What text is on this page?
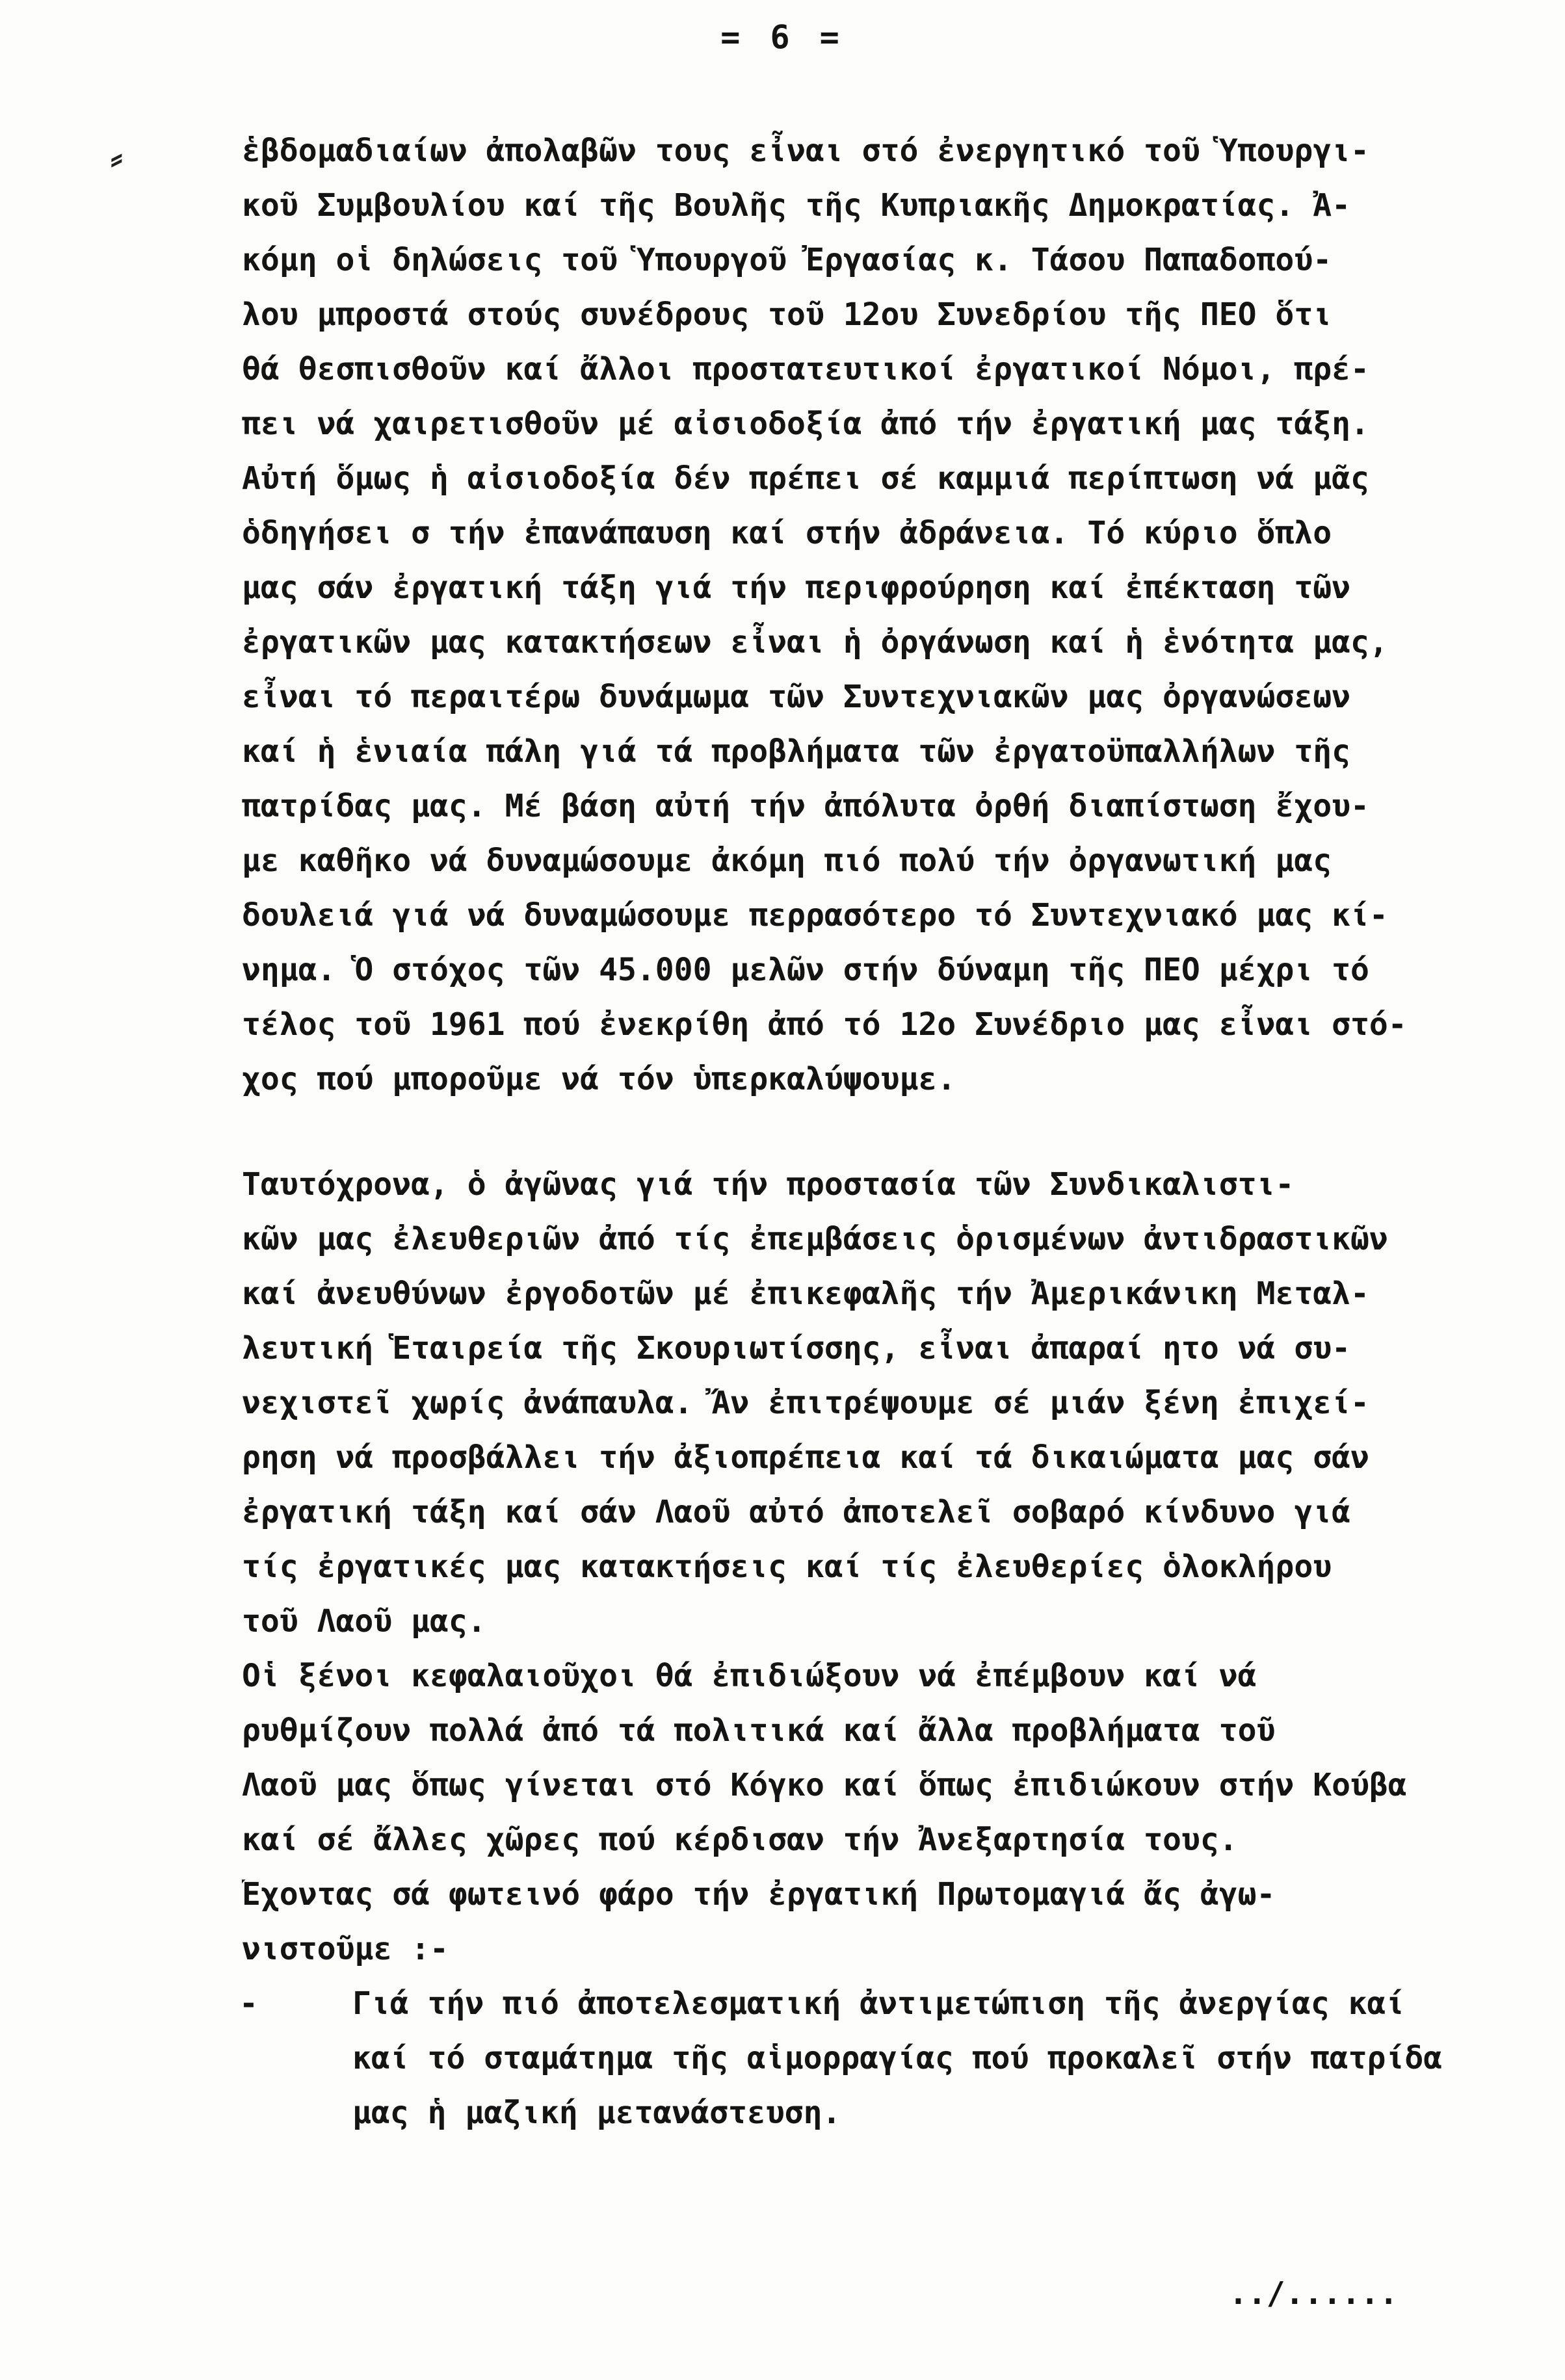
= 6 =
⸗	ἑβδομαδιαίων ἀπολαβῶν τους εἶναι στό ἐνεργητικό τοῦ Ὑπουργι-
κοῦ Συμβουλίου καί τῆς Βουλῆς τῆς Κυπριακῆς Δημοκρατίας. Ἀ-
κόμη οἱ δηλώσεις τοῦ Ὑπουργοῦ Ἐργασίας κ. Τάσου Παπαδοπού-
λου μπροστά στούς συνέδρους τοῦ 12ου Συνεδρίου τῆς ΠΕΟ ὅτι
θά θεσπισθοῦν καί ἄλλοι προστατευτικοί ἐργατικοί Νόμοι, πρέ-
πει νά χαιρετισθοῦν μέ αἰσιοδοξία ἀπό τήν ἐργατική μας τάξη.
Αὐτή ὅμως ἡ αἰσιοδοξία δέν πρέπει σέ καμμιά περίπτωση νά μᾶς
ὁδηγήσει σ τήν ἐπανάπαυση καί στήν ἀδράνεια. Τό κύριο ὅπλο
μας σάν ἐργατική τάξη γιά τήν περιφρούρηση καί ἐπέκταση τῶν
ἐργατικῶν μας κατακτήσεων εἶναι ἡ ὀργάνωση καί ἡ ἑνότητα μας,
εἶναι τό περαιτέρω δυνάμωμα τῶν Συντεχνιακῶν μας ὀργανώσεων
καί ἡ ἑνιαία πάλη γιά τά προβλήματα τῶν ἐργατοϋπαλλήλων τῆς
πατρίδας μας. Μέ βάση αὐτή τήν ἀπόλυτα ὀρθή διαπίστωση ἔχου-
με καθῆκο νά δυναμώσουμε ἀκόμη πιό πολύ τήν ὀργανωτική μας
δουλειά γιά νά δυναμώσουμε περρασότερο τό Συντεχνιακό μας κί-
νημα. Ὁ στόχος τῶν 45.000 μελῶν στήν δύναμη τῆς ΠΕΟ μέχρι τό
τέλος τοῦ 1961 πού ἐνεκρίθη ἀπό τό 12ο Συνέδριο μας εἶναι στό-
χος πού μποροῦμε νά τόν ὑπερκαλύψουμε.
Ταυτόχρονα, ὁ ἀγῶνας γιά τήν προστασία τῶν Συνδικαλιστι-
κῶν μας ἐλευθεριῶν ἀπό τίς ἐπεμβάσεις ὁρισμένων ἀντιδραστικῶν
καί ἀνευθύνων ἐργοδοτῶν μέ ἐπικεφαλῆς τήν Ἀμερικάνικη Μεταλ-
λευτική Ἑταιρεία τῆς Σκουριωτίσσης, εἶναι ἀπαραί ητο νά συ-
νεχιστεῖ χωρίς ἀνάπαυλα. Ἄν ἐπιτρέψουμε σέ μιάν ξένη ἐπιχεί-
ρηση νά προσβάλλει τήν ἀξιοπρέπεια καί τά δικαιώματα μας σάν
ἐργατική τάξη καί σάν Λαοῦ αὐτό ἀποτελεῖ σοβαρό κίνδυνο γιά
τίς ἐργατικές μας κατακτήσεις καί τίς ἐλευθερίες ὁλοκλήρου
τοῦ Λαοῦ μας.
Οἱ ξένοι κεφαλαιοῦχοι θά ἐπιδιώξουν νά ἐπέμβουν καί νά
ρυθμίζουν πολλά ἀπό τά πολιτικά καί ἄλλα προβλήματα τοῦ
Λαοῦ μας ὅπως γίνεται στό Κόγκο καί ὅπως ἐπιδιώκουν στήν Κούβα
καί σέ ἄλλες χῶρες πού κέρδισαν τήν Ἀνεξαρτησία τους.
Ἔχοντας σά φωτεινό φάρο τήν ἐργατική Πρωτομαγιά ἄς ἀγω-
νιστοῦμε :-
-	Γιά τήν πιό ἀποτελεσματική ἀντιμετώπιση τῆς ἀνεργίας καί
καί τό σταμάτημα τῆς αἱμορραγίας πού προκαλεῖ στήν πατρίδα
μας ἡ μαζική μετανάστευση.
../......
